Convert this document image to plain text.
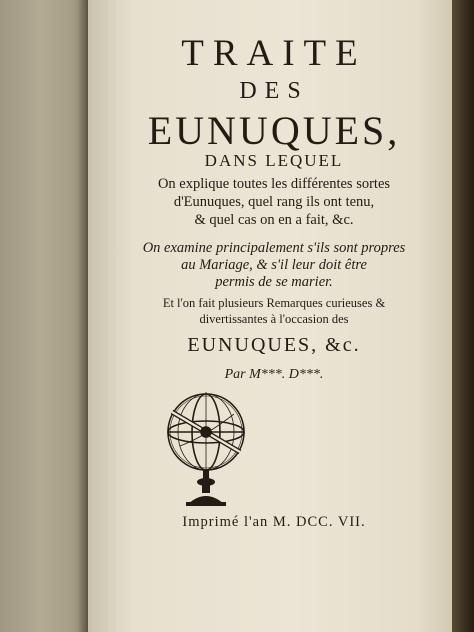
TRAITE
DES
EUNUQUES,
DANS LEQUEL
On explique toutes les différentes sortes
d'Eunuques, quel rang ils ont tenu,
& quel cas on en a fait, &c.
On examine principalement s'ils sont propres
au Mariage, & s'il leur doit être
permis de se marier.
Et l'on fait plusieurs Remarques curieuses &
divertissantes à l'occasion des
EUNUQUES, &c.
Par M***. D***.
Imprimé l'an M. DCC. VII.
